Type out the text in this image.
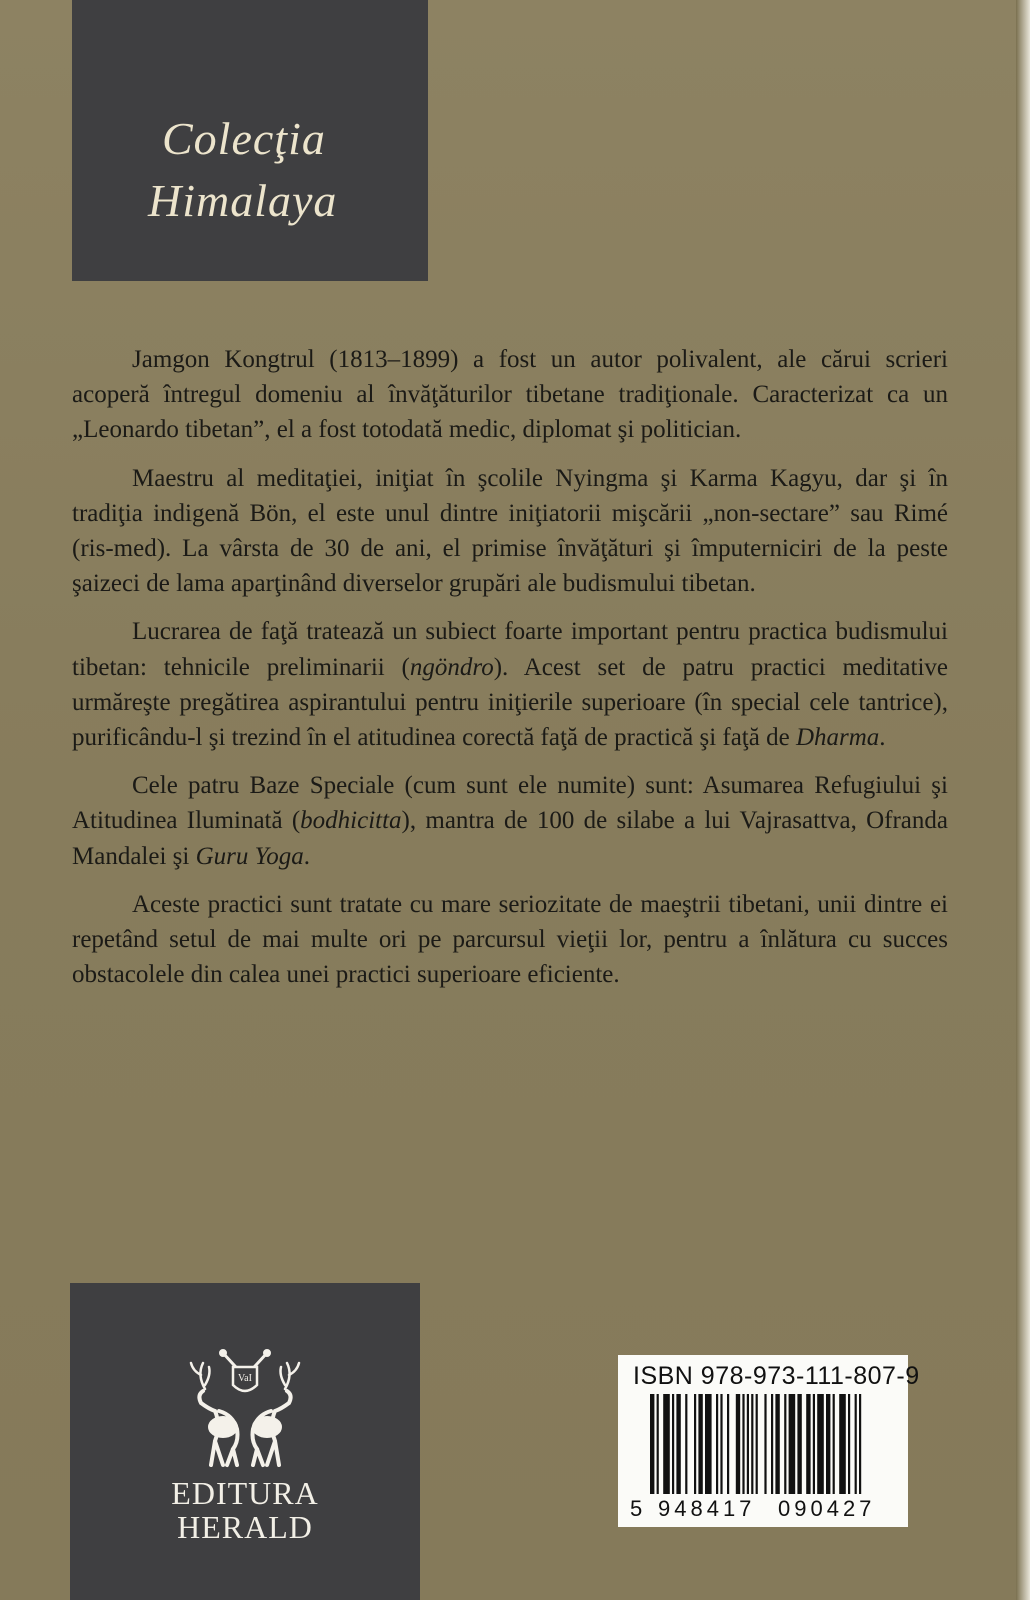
Colecţia
Himalaya

Jamgon Kongtrul (1813–1899) a fost un autor polivalent, ale cărui scrieri acoperă întregul domeniu al învăţăturilor tibetane tradiţionale. Caracterizat ca un „Leonardo tibetan”, el a fost totodată medic, diplomat şi politician.

Maestru al meditaţiei, iniţiat în şcolile Nyingma şi Karma Kagyu, dar şi în tradiţia indigenă Bön, el este unul dintre iniţiatorii mişcării „non-sectare” sau Rimé (ris-med). La vârsta de 30 de ani, el primise învăţături şi împuterniciri de la peste şaizeci de lama aparţinând diverselor grupări ale budismului tibetan.

Lucrarea de faţă tratează un subiect foarte important pentru practica budismului tibetan: tehnicile preliminarii (ngöndro). Acest set de patru practici meditative urmăreşte pregătirea aspirantului pentru iniţierile superioare (în special cele tantrice), purificându-l şi trezind în el atitudinea corectă faţă de practică şi faţă de Dharma.

Cele patru Baze Speciale (cum sunt ele numite) sunt: Asumarea Refugiului şi Atitudinea Iluminată (bodhicitta), mantra de 100 de silabe a lui Vajrasattva, Ofranda Mandalei şi Guru Yoga.

Aceste practici sunt tratate cu mare seriozitate de maeştrii tibetani, unii dintre ei repetând setul de mai multe ori pe parcursul vieţii lor, pentru a înlătura cu succes obstacolele din calea unei practici superioare eficiente.

VaI
EDITURA
HERALD
ISBN 978-973-111-807-9
5 948417 090427
